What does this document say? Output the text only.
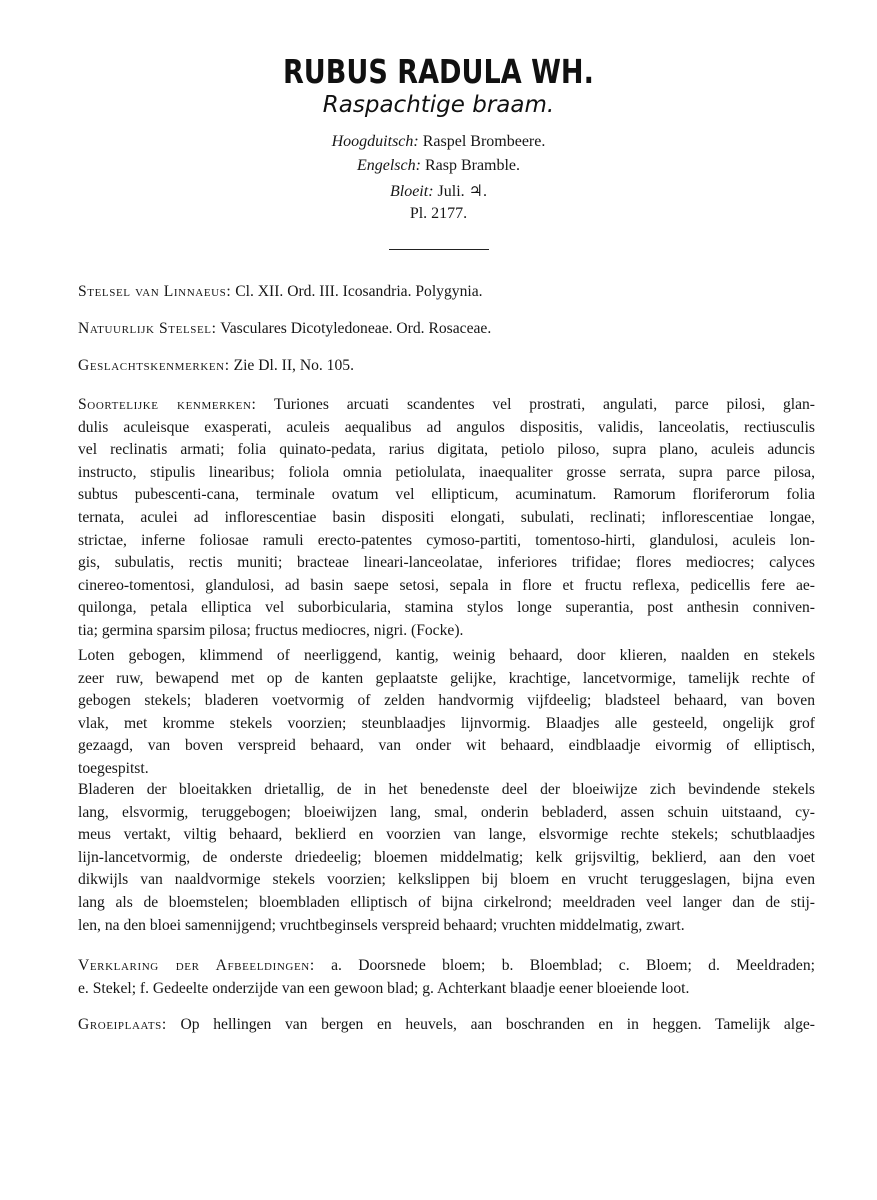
RUBUS RADULA WH.
Raspachtige braam.
Hoogduitsch: Raspel Brombeere.
Engelsch: Rasp Bramble.
Bloeit: Juli. ♃.
Pl. 2177.
Stelsel van Linnaeus: Cl. XII. Ord. III. Icosandria. Polygynia.
Natuurlijk Stelsel: Vasculares Dicotyledoneae. Ord. Rosaceae.
Geslachtskenmerken: Zie Dl. II, No. 105.
Soortelijke kenmerken: Turiones arcuati scandentes vel prostrati, angulati, parce pilosi, glan-
dulis aculeisque exasperati, aculeis aequalibus ad angulos dispositis, validis, lanceolatis, rectiusculis
vel reclinatis armati; folia quinato-pedata, rarius digitata, petiolo piloso, supra plano, aculeis aduncis
instructo, stipulis linearibus; foliola omnia petiolulata, inaequaliter grosse serrata, supra parce pilosa,
subtus pubescenti-cana, terminale ovatum vel ellipticum, acuminatum. Ramorum floriferorum folia
ternata, aculei ad inflorescentiae basin dispositi elongati, subulati, reclinati; inflorescentiae longae,
strictae, inferne foliosae ramuli erecto-patentes cymoso-partiti, tomentoso-hirti, glandulosi, aculeis lon-
gis, subulatis, rectis muniti; bracteae lineari-lanceolatae, inferiores trifidae; flores mediocres; calyces
cinereo-tomentosi, glandulosi, ad basin saepe setosi, sepala in flore et fructu reflexa, pedicellis fere ae-
quilonga, petala elliptica vel suborbicularia, stamina stylos longe superantia, post anthesin conniven-
tia; germina sparsim pilosa; fructus mediocres, nigri. (Focke).
Loten gebogen, klimmend of neerliggend, kantig, weinig behaard, door klieren, naalden en stekels
zeer ruw, bewapend met op de kanten geplaatste gelijke, krachtige, lancetvormige, tamelijk rechte of
gebogen stekels; bladeren voetvormig of zelden handvormig vijfdeelig; bladsteel behaard, van boven
vlak, met kromme stekels voorzien; steunblaadjes lijnvormig. Blaadjes alle gesteeld, ongelijk grof
gezaagd, van boven verspreid behaard, van onder wit behaard, eindblaadje eivormig of elliptisch,
toegespitst.
Bladeren der bloeitakken drietallig, de in het benedenste deel der bloeiwijze zich bevindende stekels
lang, elsvormig, teruggebogen; bloeiwijzen lang, smal, onderin bebladerd, assen schuin uitstaand, cy-
meus vertakt, viltig behaard, beklierd en voorzien van lange, elsvormige rechte stekels; schutblaadjes
lijn-lancetvormig, de onderste driedeelig; bloemen middelmatig; kelk grijsviltig, beklierd, aan den voet
dikwijls van naaldvormige stekels voorzien; kelkslippen bij bloem en vrucht teruggeslagen, bijna even
lang als de bloemstelen; bloembladen elliptisch of bijna cirkelrond; meeldraden veel langer dan de stij-
len, na den bloei samennijgend; vruchtbeginsels verspreid behaard; vruchten middelmatig, zwart.
Verklaring der Afbeeldingen: a. Doorsnede bloem; b. Bloemblad; c. Bloem; d. Meeldraden;
e. Stekel; f. Gedeelte onderzijde van een gewoon blad; g. Achterkant blaadje eener bloeiende loot.
Groeiplaats: Op hellingen van bergen en heuvels, aan boschranden en in heggen. Tamelijk alge-
